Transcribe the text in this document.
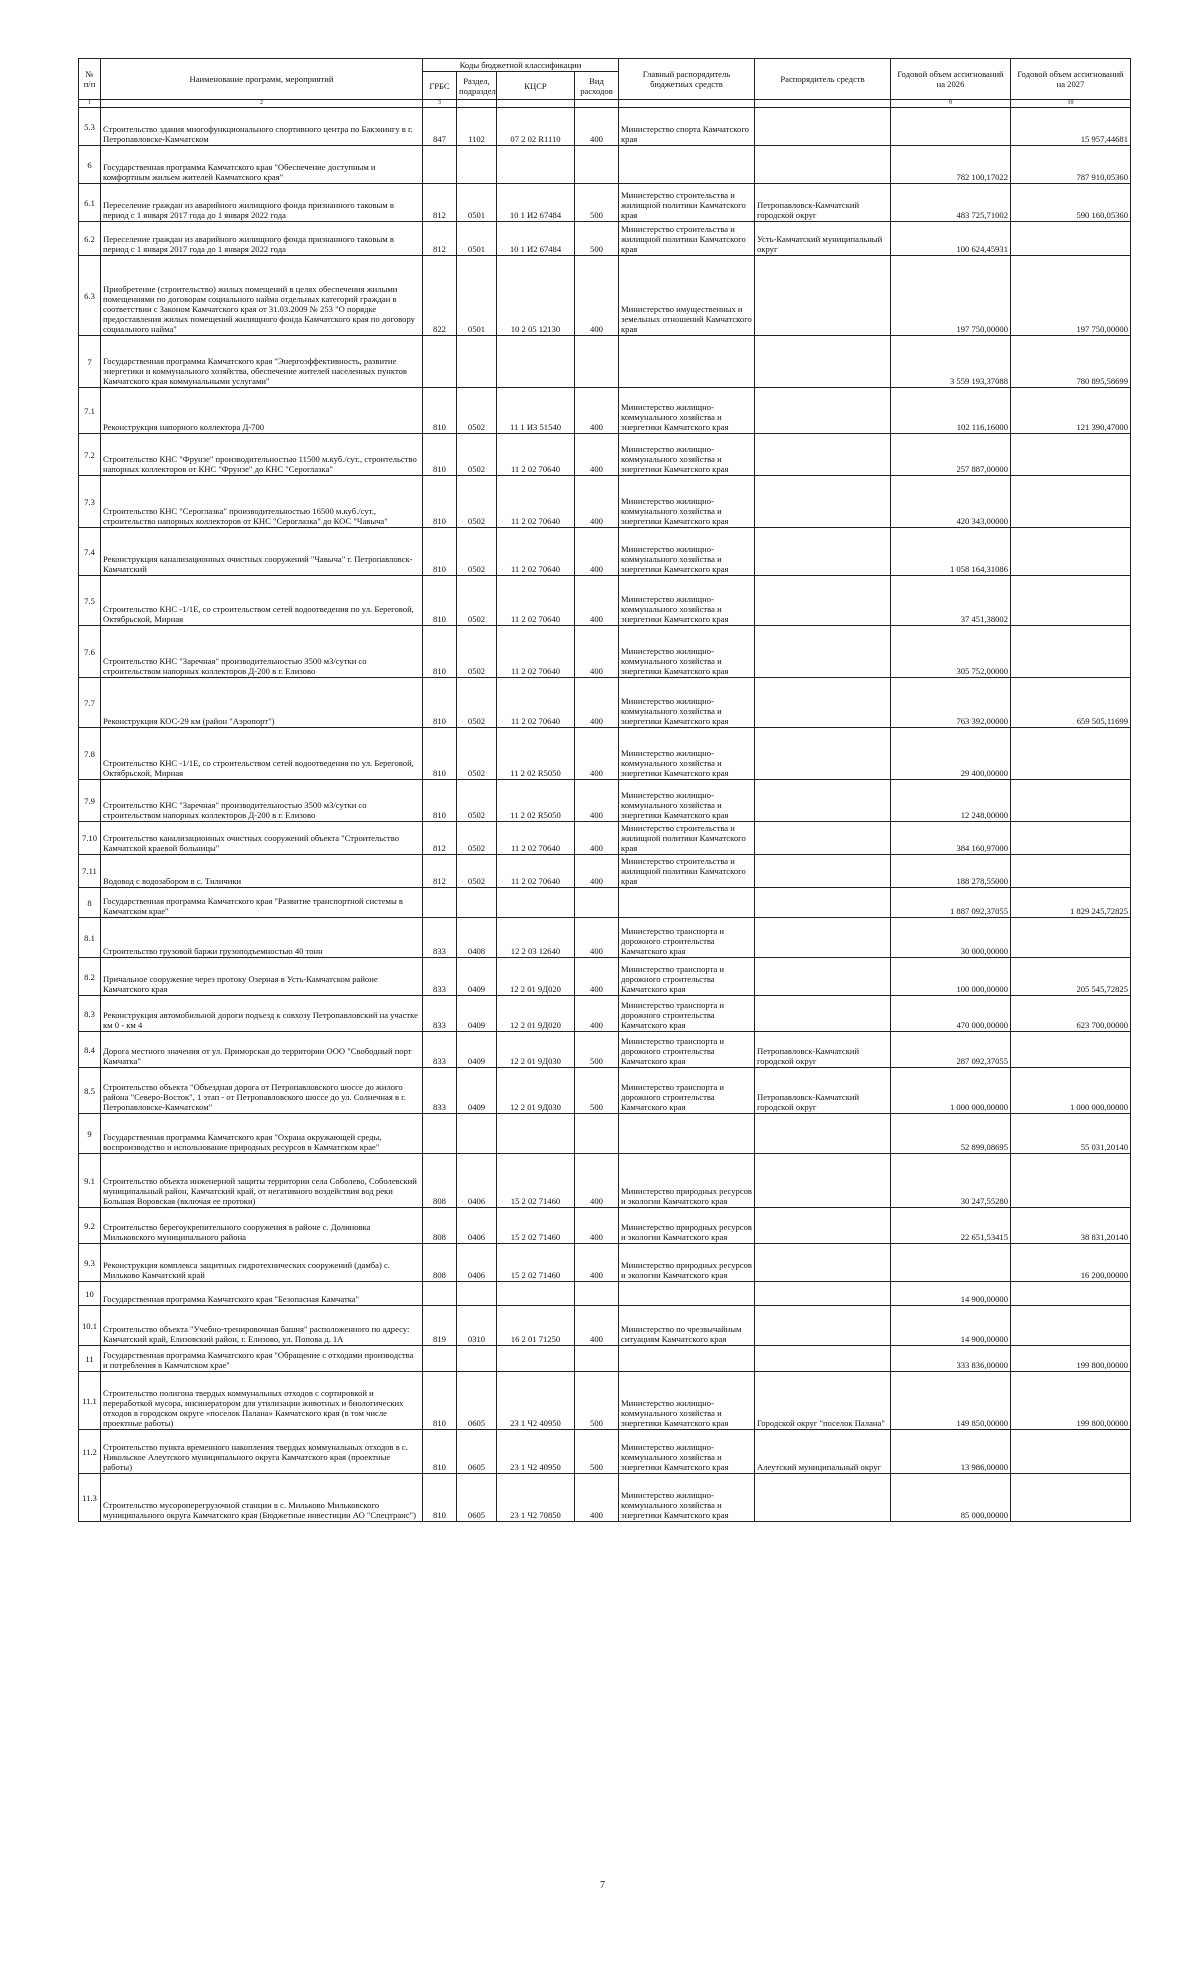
№ п/п	Наименование программ, мероприятий	Коды бюджетной классификации				Главный распорядитель бюджетных средств	Распорядитель средств	Годовой объем ассигнований на 2026	Годовой объем ассигнований на 2027
		ГРБС	Раздел, подраздел	КЦСР	Вид расходов				
1	2	3						9	10
5.3	Строительство здания многофункционального спортивного центра по Бакэнингу в г. Петропавловске-Камчатском	847	1102	07 2 02 R1110	400	Министерство спорта Камчатского края			15 957,44681
6	Государственная программа Камчатского края "Обеспечение доступным и комфортным жильем жителей Камчатского края"							782 100,17022	787 910,05360
6.1	Переселение граждан из аварийного жилищного фонда признанного таковым в период с 1 января 2017 года до 1 января 2022 года	812	0501	10 1 И2 67484	500	Министерство строительства и жилищной политики Камчатского края	Петропавловск-Камчатский городской округ	483 725,71002	590 160,05360
6.2	Переселение граждан из аварийного жилищного фонда признанного таковым в период с 1 января 2017 года до 1 января 2022 года	812	0501	10 1 И2 67484	500	Министерство строительства и жилищной политики Камчатского края	Усть-Камчатский муниципальный округ	100 624,45931	
6.3	Приобретение (строительство) жилых помещений в целях обеспечения жилыми помещениями по договорам социального найма отдельных категорий граждан в соответствии с Законом Камчатского края от 31.03.2009 № 253 "О порядке предоставления жилых помещений жилищного фонда Камчатского края по договору социального найма"	822	0501	10 2 05 12130	400	Министерство имущественных и земельных отношений Камчатского края		197 750,00000	197 750,00000
7	Государственная программа Камчатского края "Энергоэффективность, развитие энергетики и коммунального хозяйства, обеспечение жителей населенных пунктов Камчатского края коммунальными услугами"							3 559 193,37088	780 895,58699
7.1	Реконструкция напорного коллектора Д-700	810	0502	11 1 И3 51540	400	Министерство жилищно-коммунального хозяйства и энергетики Камчатского края		102 116,16000	121 390,47000
7.2	Строительство КНС "Фрунзе" производительностью 11500 м.куб./сут., строительство напорных коллекторов от КНС "Фрунзе" до КНС "Сероглазка"	810	0502	11 2 02 70640	400	Министерство жилищно-коммунального хозяйства и энергетики Камчатского края		257 887,00000	
7.3	Строительство КНС "Сероглазка" производительностью 16500 м.куб./сут., строительство напорных коллекторов от КНС "Сероглазка" до КОС "Чавыча"	810	0502	11 2 02 70640	400	Министерство жилищно-коммунального хозяйства и энергетики Камчатского края		420 343,00000	
7.4	Реконструкция канализационных очистных сооружений "Чавыча" г. Петропавловск-Камчатский	810	0502	11 2 02 70640	400	Министерство жилищно-коммунального хозяйства и энергетики Камчатского края		1 058 164,31086	
7.5	Строительство КНС -1/1Е, со строительством сетей водоотведения по ул. Береговой, Октябрьской, Мирная	810	0502	11 2 02 70640	400	Министерство жилищно-коммунального хозяйства и энергетики Камчатского края		37 451,38002	
7.6	Строительство КНС "Заречная" производительностью 3500 м3/сутки со строительством напорных коллекторов Д-200 в г. Елизово	810	0502	11 2 02 70640	400	Министерство жилищно-коммунального хозяйства и энергетики Камчатского края		305 752,00000	
7.7	Реконструкция КОС-29 км (район "Аэропорт")	810	0502	11 2 02 70640	400	Министерство жилищно-коммунального хозяйства и энергетики Камчатского края		763 392,00000	659 505,11699
7.8	Строительство КНС -1/1Е, со строительством сетей водоотведения по ул. Береговой, Октябрьской, Мирная	810	0502	11 2 02 R5050	400	Министерство жилищно-коммунального хозяйства и энергетики Камчатского края		29 400,00000	
7.9	Строительство КНС "Заречная" производительностью 3500 м3/сутки со строительством напорных коллекторов Д-200 в г. Елизово	810	0502	11 2 02 R5050	400	Министерство жилищно-коммунального хозяйства и энергетики Камчатского края		12 248,00000	
7.10	Строительство канализационных очистных сооружений объекта "Строительство Камчатской краевой больницы"	812	0502	11 2 02 70640	400	Министерство строительства и жилищной политики Камчатского края		384 160,97000	
7.11	Водовод с водозабором в с. Тиличики	812	0502	11 2 02 70640	400	Министерство строительства и жилищной политики Камчатского края		188 278,55000	
8	Государственная программа Камчатского края "Развитие транспортной системы в Камчатском крае"							1 887 092,37055	1 829 245,72825
8.1	Строительство грузовой баржи грузоподъемностью 40 тонн	833	0408	12 2 03 12640	400	Министерство транспорта и дорожного строительства Камчатского края		30 000,00000	
8.2	Причальное сооружение через протоку Озерная в Усть-Камчатском районе Камчатского края	833	0409	12 2 01 9Д020	400	Министерство транспорта и дорожного строительства Камчатского края		100 000,00000	205 545,72825
8.3	Реконструкция автомобильной дороги подъезд к совхозу Петропавловский на участке км 0 - км 4	833	0409	12 2 01 9Д020	400	Министерство транспорта и дорожного строительства Камчатского края		470 000,00000	623 700,00000
8.4	Дорога местного значения от ул. Приморская до территории ООО "Свободный порт Камчатка"	833	0409	12 2 01 9Д030	500	Министерство транспорта и дорожного строительства Камчатского края	Петропавловск-Камчатский городской округ	287 092,37055	
8.5	Строительство объекта "Объездная дорога от Петропавловского шоссе до жилого района "Северо-Восток", 1 этап - от Петропавловского шоссе до ул. Солнечная в г. Петропавловске-Камчатском"	833	0409	12 2 01 9Д030	500	Министерство транспорта и дорожного строительства Камчатского края	Петропавловск-Камчатский городской округ	1 000 000,00000	1 000 000,00000
9	Государственная программа Камчатского края "Охрана окружающей среды, воспроизводство и использование природных ресурсов в Камчатском крае"							52 899,08695	55 031,20140
9.1	Строительство объекта инженерной защиты территории села Соболево, Соболевский муниципальный район, Камчатский край, от негативного воздействия вод реки Большая Воровская (включая ее протоки)	808	0406	15 2 02 71460	400	Министерство природных ресурсов и экологии Камчатского края		30 247,55280	
9.2	Строительство берегоукрепительного сооружения в районе с. Долиновка Мильковского муниципального района	808	0406	15 2 02 71460	400	Министерство природных ресурсов и экологии Камчатского края		22 651,53415	38 831,20140
9.3	Реконструкция комплекса защитных гидротехнических сооружений (дамба) с. Мильково Камчатский край	808	0406	15 2 02 71460	400	Министерство природных ресурсов и экологии Камчатского края			16 200,00000
10	Государственная программа Камчатского края "Безопасная Камчатка"							14 900,00000	
10.1	Строительство объекта "Учебно-тренировочная башня" расположенного по адресу: Камчатский край, Елизовский район, г. Елизово, ул. Попова д. 1А	819	0310	16 2 01 71250	400	Министерство по чрезвычайным ситуациям Камчатского края		14 900,00000	
11	Государственная программа Камчатского края "Обращение с отходами производства и потребления в Камчатском крае"							333 836,00000	199 800,00000
11.1	Строительство полигона твердых коммунальных отходов с сортировкой и переработкой мусора, инсинератором для утилизации животных и биологических отходов в городском округе «поселок Палана» Камчатского края (в том числе проектные работы)	810	0605	23 1 Ч2 40950	500	Министерство жилищно-коммунального хозяйства и энергетики Камчатского края	Городской округ "поселок Палана"	149 850,00000	199 800,00000
11.2	Строительство пункта временного накопления твердых коммунальных отходов в с. Никольское Алеутского муниципального округа Камчатского края (проектные работы)	810	0605	23 1 Ч2 40950	500	Министерство жилищно-коммунального хозяйства и энергетики Камчатского края	Алеутский муниципальный округ	13 986,00000	
11.3	Строительство мусороперегрузочной станции в с. Мильково Мильковского муниципального округа Камчатского края (Бюджетные инвестиции АО "Спецтранс")	810	0605	23 1 Ч2 70850	400	Министерство жилищно-коммунального хозяйства и энергетики Камчатского края		85 000,00000	
7
